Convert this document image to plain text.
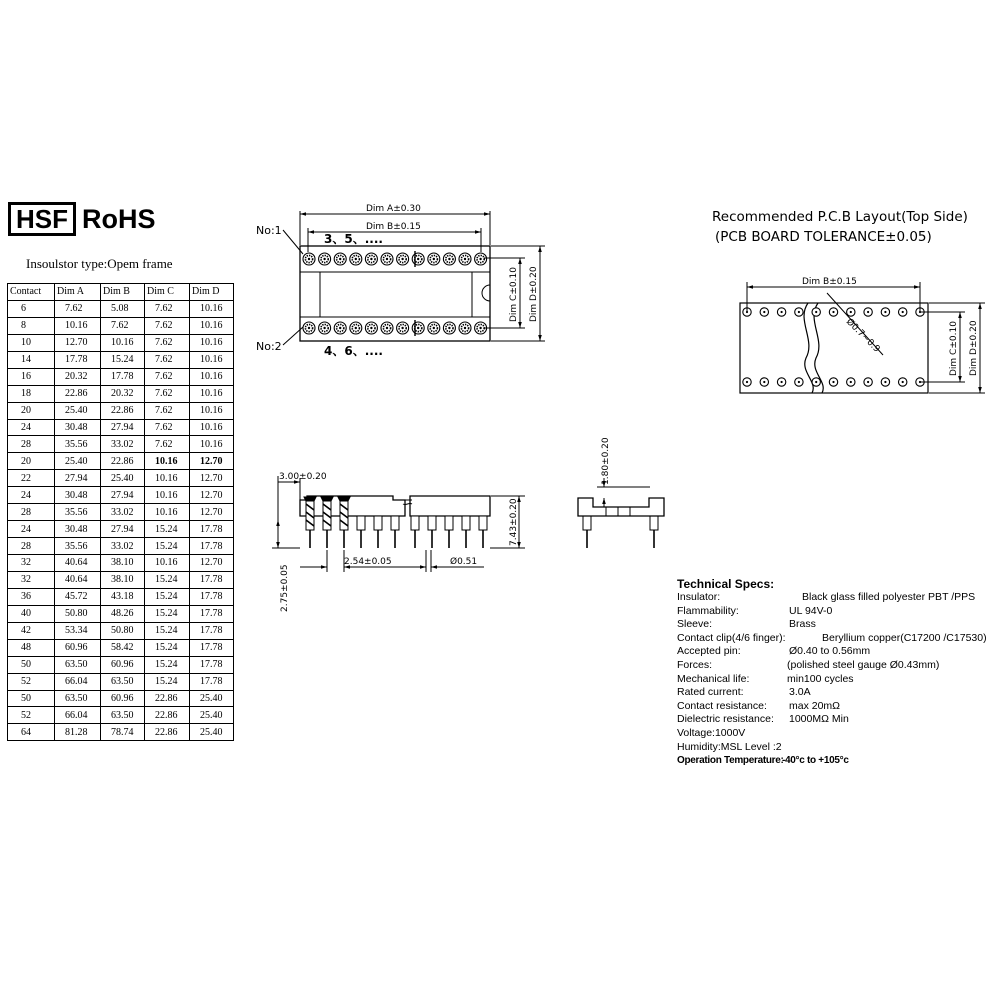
HSF RoHS
Insoulstor type:Opem frame
Contact	Dim A	Dim B	Dim C	Dim D
6	7.62	5.08	7.62	10.16
8	10.16	7.62	7.62	10.16
10	12.70	10.16	7.62	10.16
14	17.78	15.24	7.62	10.16
16	20.32	17.78	7.62	10.16
18	22.86	20.32	7.62	10.16
20	25.40	22.86	7.62	10.16
24	30.48	27.94	7.62	10.16
28	35.56	33.02	7.62	10.16
20	25.40	22.86	10.16	12.70
22	27.94	25.40	10.16	12.70
24	30.48	27.94	10.16	12.70
28	35.56	33.02	10.16	12.70
24	30.48	27.94	15.24	17.78
28	35.56	33.02	15.24	17.78
32	40.64	38.10	10.16	12.70
32	40.64	38.10	15.24	17.78
36	45.72	43.18	15.24	17.78
40	50.80	48.26	15.24	17.78
42	53.34	50.80	15.24	17.78
48	60.96	58.42	15.24	17.78
50	63.50	60.96	15.24	17.78
52	66.04	63.50	15.24	17.78
50	63.50	60.96	22.86	25.40
52	66.04	63.50	22.86	25.40
64	81.28	78.74	22.86	25.40
Dim A±0.30
Dim B±0.15
No:1
No:2
3、5、....
4、6、....
Dim C±0.10 Dim D±0.20	Dim B±0.15
Ø0.7~0.9	Dim C±0.10 Dim D±0.20
3.00±0.20
2.54±0.05	Ø0.51
2.75±0.05
7.43±0.20
1.80±0.20
Recommended P.C.B Layout(Top Side)
(PCB BOARD TOLERANCE±0.05)
Technical Specs:
Insulator:	Black glass filled polyester PBT /PPS
Flammability:	UL 94V-0
Sleeve:	Brass
Contact clip(4/6 finger):	Beryllium copper(C17200 /C17530)
Accepted pin:	Ø0.40 to 0.56mm
Forces:	(polished steel gauge Ø0.43mm)
Mechanical life:	min100 cycles
Rated current:	3.0A
Contact resistance: max 20mΩ
Dielectric resistance: 1000MΩ Min
Voltage:1000V
Humidity:MSL Level :2
Operation Temperature:
-40°c to +105°c
